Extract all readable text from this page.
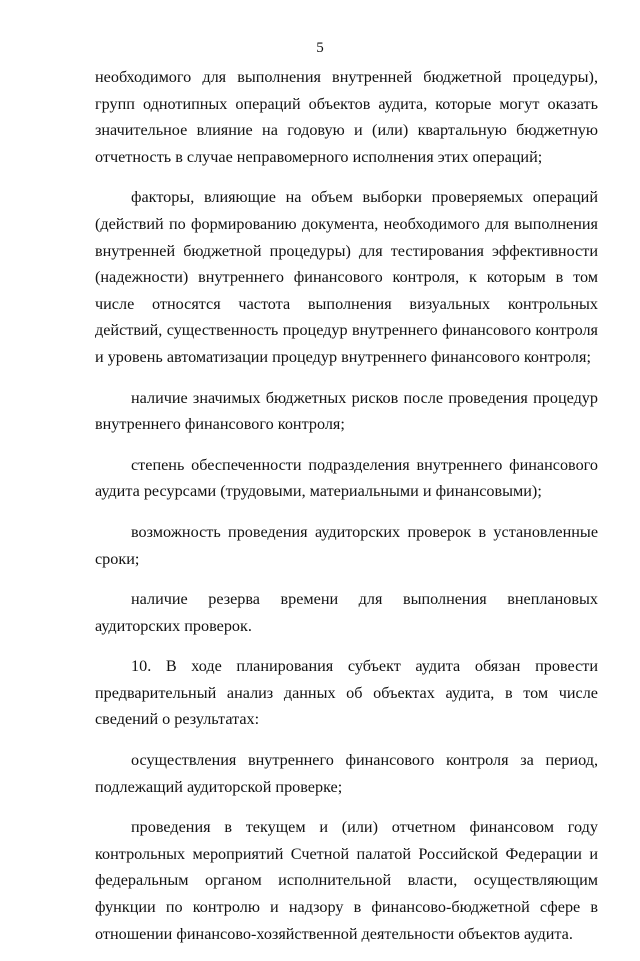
5

необходимого для выполнения внутренней бюджетной процедуры), групп однотипных операций объектов аудита, которые могут оказать значительное влияние на годовую и (или) квартальную бюджетную отчетность в случае неправомерного исполнения этих операций;

факторы, влияющие на объем выборки проверяемых операций (действий по формированию документа, необходимого для выполнения внутренней бюджетной процедуры) для тестирования эффективности (надежности) внутреннего финансового контроля, к которым в том числе относятся частота выполнения визуальных контрольных действий, существенность процедур внутреннего финансового контроля и уровень автоматизации процедур внутреннего финансового контроля;

наличие значимых бюджетных рисков после проведения процедур внутреннего финансового контроля;

степень обеспеченности подразделения внутреннего финансового аудита ресурсами (трудовыми, материальными и финансовыми);

возможность проведения аудиторских проверок в установленные сроки;

наличие резерва времени для выполнения внеплановых аудиторских проверок.

10. В ходе планирования субъект аудита обязан провести предварительный анализ данных об объектах аудита, в том числе сведений о результатах:

осуществления внутреннего финансового контроля за период, подлежащий аудиторской проверке;

проведения в текущем и (или) отчетном финансовом году контрольных мероприятий Счетной палатой Российской Федерации и федеральным органом исполнительной власти, осуществляющим функции по контролю и надзору в финансово-бюджетной сфере в отношении финансово-хозяйственной деятельности объектов аудита.
